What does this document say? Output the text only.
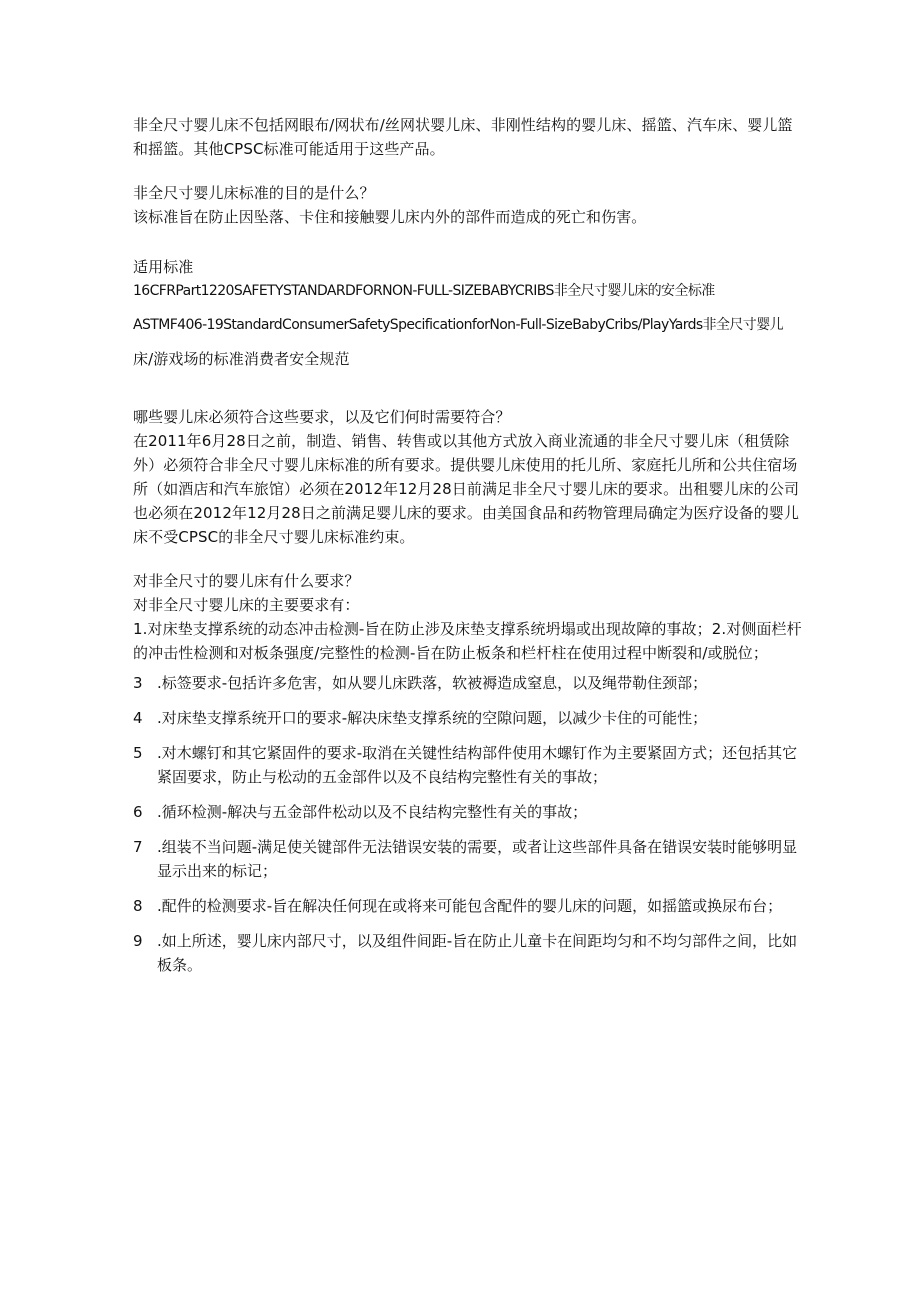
非全尺寸婴儿床不包括网眼布/网状布/丝网状婴儿床、非刚性结构的婴儿床、摇篮、汽车床、婴儿篮和摇篮。其他CPSC标准可能适用于这些产品。

非全尺寸婴儿床标准的目的是什么？

该标准旨在防止因坠落、卡住和接触婴儿床内外的部件而造成的死亡和伤害。

适用标准

16CFRPart1220SAFETYSTANDARDFORNON-FULL-SIZEBABYCRIBS非全尺寸婴儿床的安全标准

ASTMF406-19StandardConsumerSafetySpecificationforNon-Full-SizeBabyCribs/PlayYards非全尺寸婴儿

床/游戏场的标准消费者安全规范

哪些婴儿床必须符合这些要求，以及它们何时需要符合？

在2011年6月28日之前，制造、销售、转售或以其他方式放入商业流通的非全尺寸婴儿床（租赁除外）必须符合非全尺寸婴儿床标准的所有要求。提供婴儿床使用的托儿所、家庭托儿所和公共住宿场所（如酒店和汽车旅馆）必须在2012年12月28日前满足非全尺寸婴儿床的要求。出租婴儿床的公司也必须在2012年12月28日之前满足婴儿床的要求。由美国食品和药物管理局确定为医疗设备的婴儿床不受CPSC的非全尺寸婴儿床标准约束。

对非全尺寸的婴儿床有什么要求？

对非全尺寸婴儿床的主要要求有：

1.对床垫支撑系统的动态冲击检测-旨在防止涉及床垫支撑系统坍塌或出现故障的事故；2.对侧面栏杆的冲击性检测和对板条强度/完整性的检测-旨在防止板条和栏杆柱在使用过程中断裂和/或脱位；

3 .标签要求-包括许多危害，如从婴儿床跌落，软被褥造成窒息，以及绳带勒住颈部；
4 .对床垫支撑系统开口的要求-解决床垫支撑系统的空隙问题，以减少卡住的可能性；
5 .对木螺钉和其它紧固件的要求-取消在关键性结构部件使用木螺钉作为主要紧固方式；还包括其它紧固要求，防止与松动的五金部件以及不良结构完整性有关的事故；
6 .循环检测-解决与五金部件松动以及不良结构完整性有关的事故；
7 .组装不当问题-满足使关键部件无法错误安装的需要，或者让这些部件具备在错误安装时能够明显显示出来的标记；
8 .配件的检测要求-旨在解决任何现在或将来可能包含配件的婴儿床的问题，如摇篮或换尿布台；
9 .如上所述，婴儿床内部尺寸，以及组件间距-旨在防止儿童卡在间距均匀和不均匀部件之间，比如板条。
